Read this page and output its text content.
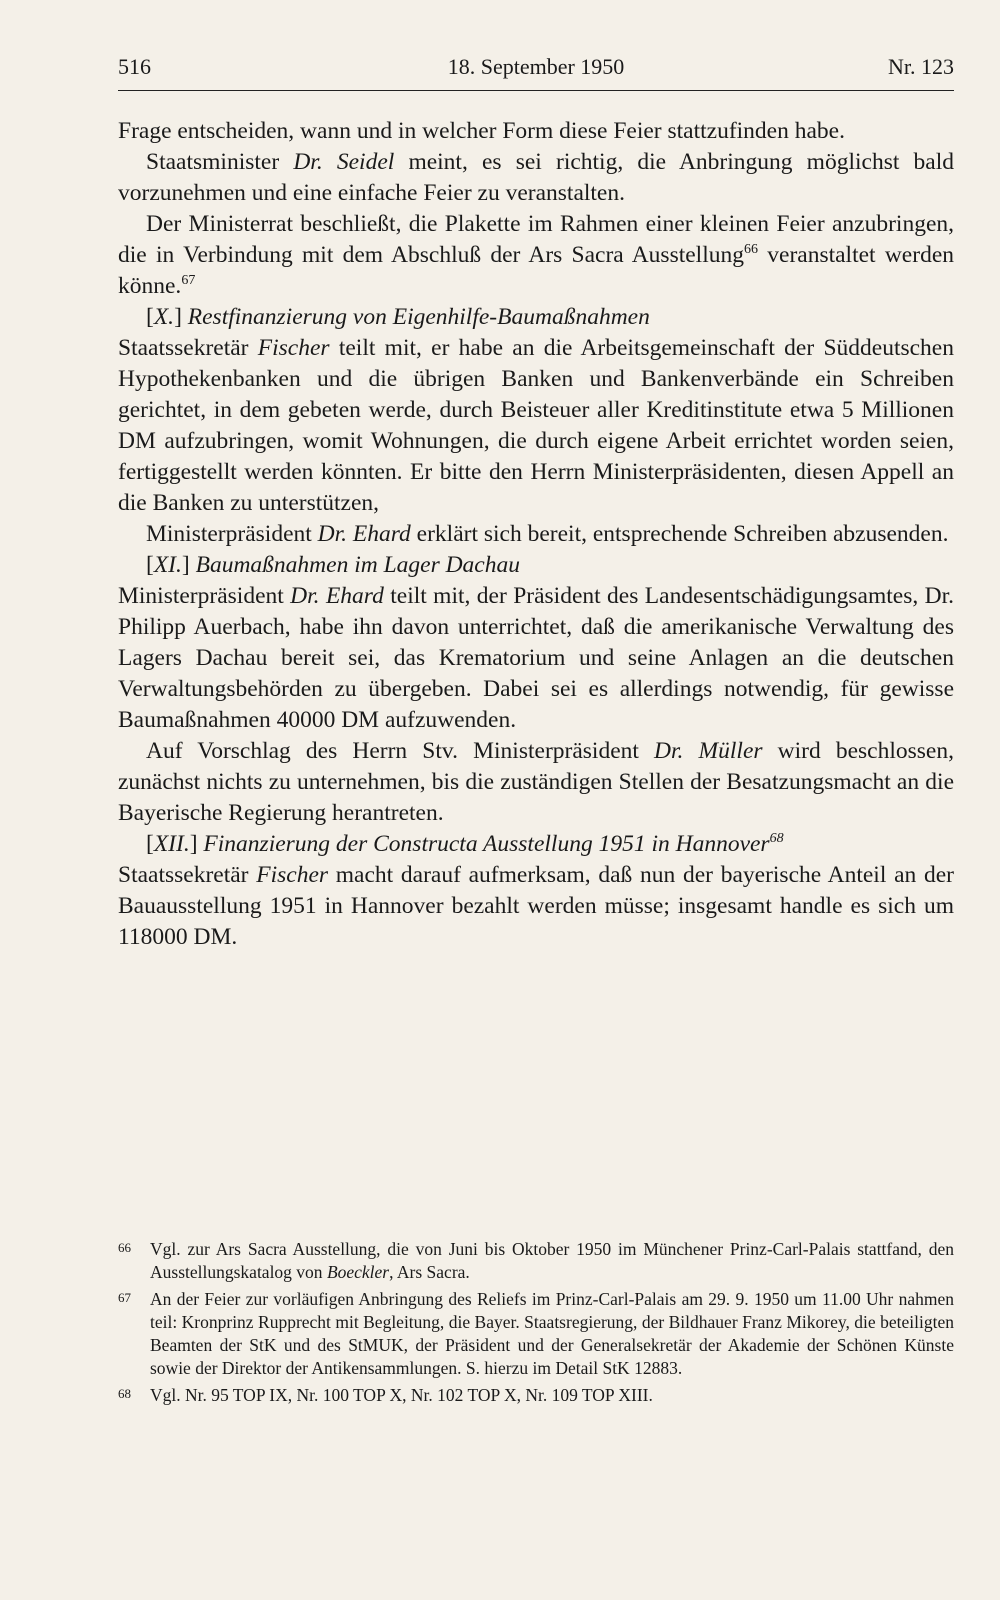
516	18. September 1950	Nr. 123

Frage entscheiden, wann und in welcher Form diese Feier stattzufinden habe.

Staatsminister Dr. Seidel meint, es sei richtig, die Anbringung möglichst bald vorzunehmen und eine einfache Feier zu veranstalten.

Der Ministerrat beschließt, die Plakette im Rahmen einer kleinen Feier anzubringen, die in Verbindung mit dem Abschluß der Ars Sacra Ausstellung$^{66}$ veranstaltet werden könne.$^{67}$

[X.] Restfinanzierung von Eigenhilfe-Baumaßnahmen

Staatssekretär Fischer teilt mit, er habe an die Arbeitsgemeinschaft der Süddeutschen Hypothekenbanken und die übrigen Banken und Bankenverbände ein Schreiben gerichtet, in dem gebeten werde, durch Beisteuer aller Kreditinstitute etwa 5 Millionen DM aufzubringen, womit Wohnungen, die durch eigene Arbeit errichtet worden seien, fertiggestellt werden könnten. Er bitte den Herrn Ministerpräsidenten, diesen Appell an die Banken zu unterstützen,

Ministerpräsident Dr. Ehard erklärt sich bereit, entsprechende Schreiben abzusenden.

[XI.] Baumaßnahmen im Lager Dachau

Ministerpräsident Dr. Ehard teilt mit, der Präsident des Landesentschädigungsamtes, Dr. Philipp Auerbach, habe ihn davon unterrichtet, daß die amerikanische Verwaltung des Lagers Dachau bereit sei, das Krematorium und seine Anlagen an die deutschen Verwaltungsbehörden zu übergeben. Dabei sei es allerdings notwendig, für gewisse Baumaßnahmen 40000 DM aufzuwenden.

Auf Vorschlag des Herrn Stv. Ministerpräsident Dr. Müller wird beschlossen, zunächst nichts zu unternehmen, bis die zuständigen Stellen der Besatzungsmacht an die Bayerische Regierung herantreten.

[XII.] Finanzierung der Constructa Ausstellung 1951 in Hannover$^{68}$

Staatssekretär Fischer macht darauf aufmerksam, daß nun der bayerische Anteil an der Bauausstellung 1951 in Hannover bezahlt werden müsse; insgesamt handle es sich um 118000 DM.

66 Vgl. zur Ars Sacra Ausstellung, die von Juni bis Oktober 1950 im Münchener Prinz-Carl-Palais stattfand, den Ausstellungskatalog von Boeckler, Ars Sacra.
67 An der Feier zur vorläufigen Anbringung des Reliefs im Prinz-Carl-Palais am 29. 9. 1950 um 11.00 Uhr nahmen teil: Kronprinz Rupprecht mit Begleitung, die Bayer. Staatsregierung, der Bildhauer Franz Mikorey, die beteiligten Beamten der StK und des StMUK, der Präsident und der Generalsekretär der Akademie der Schönen Künste sowie der Direktor der Antikensammlungen. S. hierzu im Detail StK 12883.
68 Vgl. Nr. 95 TOP IX, Nr. 100 TOP X, Nr. 102 TOP X, Nr. 109 TOP XIII.
